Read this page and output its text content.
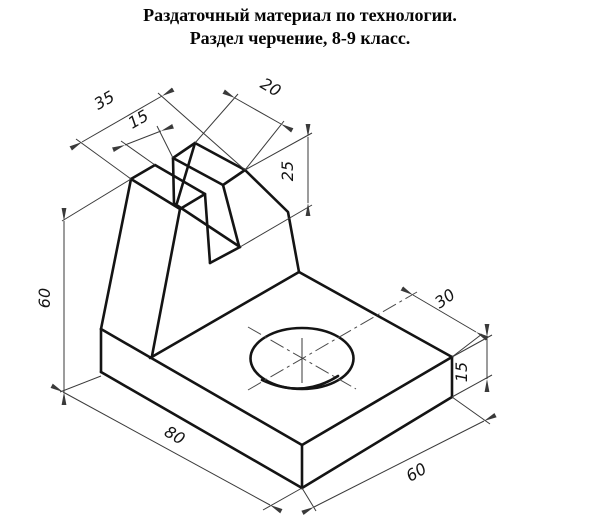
Раздаточный материал по технологии.
Раздел черчение, 8-9 класс.
35
15
20
25
60	30
15
80
60
